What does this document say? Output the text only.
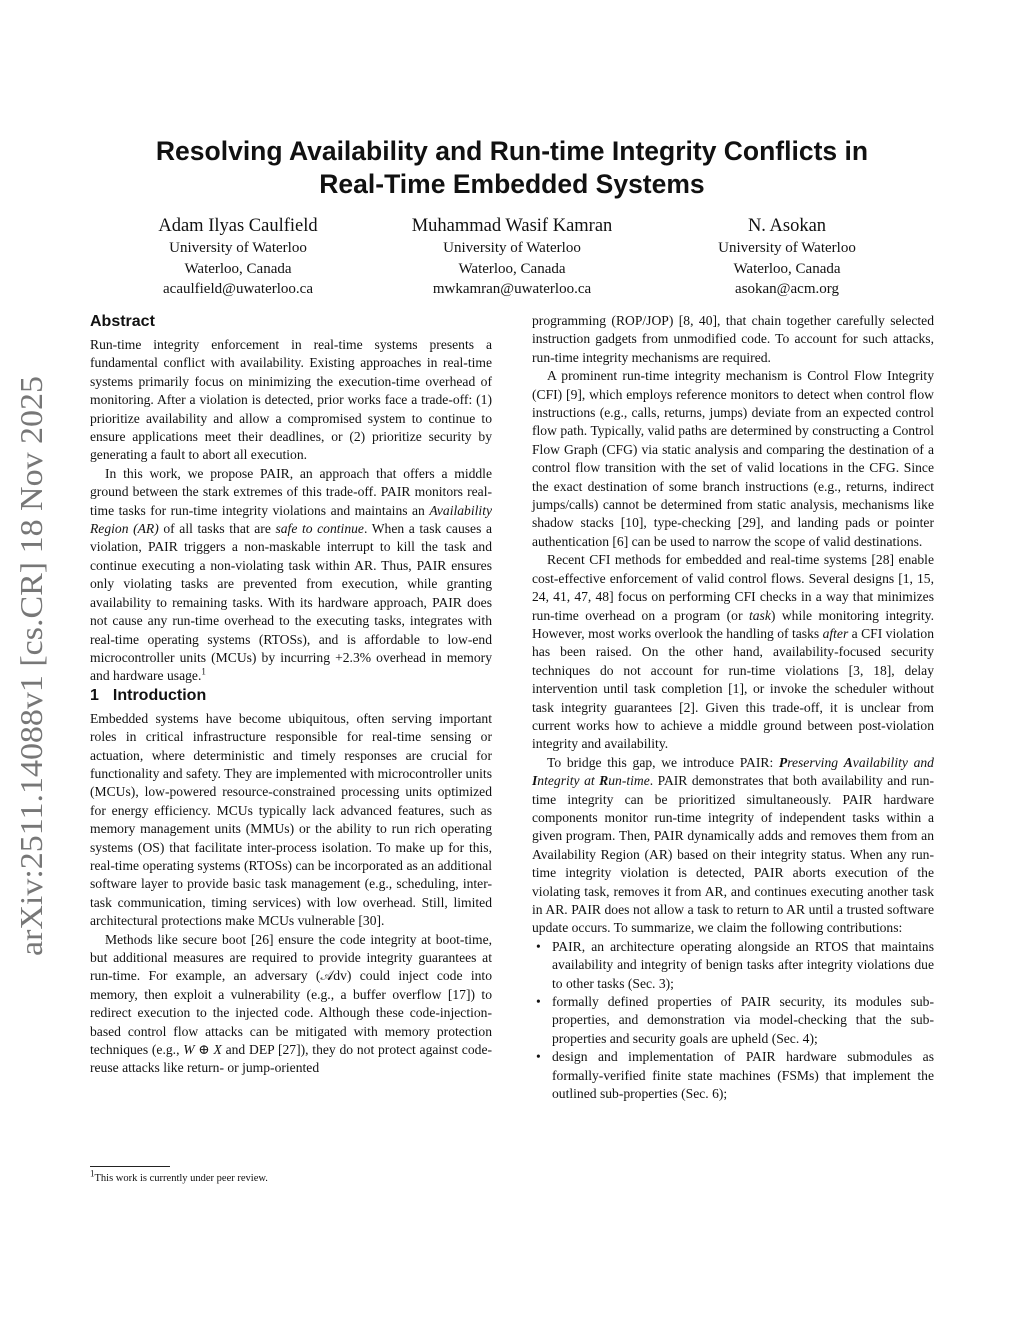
arXiv:2511.14088v1 [cs.CR] 18 Nov 2025
Resolving Availability and Run-time Integrity Conflicts in
Real-Time Embedded Systems
Adam Ilyas Caulfield
University of Waterloo
Waterloo, Canada
acaulfield@uwaterloo.ca
Muhammad Wasif Kamran
University of Waterloo
Waterloo, Canada
mwkamran@uwaterloo.ca
N. Asokan
University of Waterloo
Waterloo, Canada
asokan@acm.org
Abstract

Run-time integrity enforcement in real-time systems presents a fundamental conflict with availability. Existing approaches in real-time systems primarily focus on minimizing the execution-time overhead of monitoring. After a violation is detected, prior works face a trade-off: (1) prioritize availability and allow a compromised system to continue to ensure applications meet their deadlines, or (2) prioritize security by generating a fault to abort all execution.

In this work, we propose PAIR, an approach that offers a middle ground between the stark extremes of this trade-off. PAIR monitors real-time tasks for run-time integrity violations and maintains an Availability Region (AR) of all tasks that are safe to continue. When a task causes a violation, PAIR triggers a non-maskable interrupt to kill the task and continue executing a non-violating task within AR. Thus, PAIR ensures only violating tasks are prevented from execution, while granting availability to remaining tasks. With its hardware approach, PAIR does not cause any run-time overhead to the executing tasks, integrates with real-time operating systems (RTOSs), and is affordable to low-end microcontroller units (MCUs) by incurring +2.3% overhead in memory and hardware usage.$^1$

1 Introduction

Embedded systems have become ubiquitous, often serving important roles in critical infrastructure responsible for real-time sensing or actuation, where deterministic and timely responses are crucial for functionality and safety. They are implemented with microcontroller units (MCUs), low-powered resource-constrained processing units optimized for energy efficiency. MCUs typically lack advanced features, such as memory management units (MMUs) or the ability to run rich operating systems (OS) that facilitate inter-process isolation. To make up for this, real-time operating systems (RTOSs) can be incorporated as an additional software layer to provide basic task management (e.g., scheduling, inter-task communication, timing services) with low overhead. Still, limited architectural protections make MCUs vulnerable [30].

Methods like secure boot [26] ensure the code integrity at boot-time, but additional measures are required to provide integrity guarantees at run-time. For example, an adversary (𝒜dv) could inject code into memory, then exploit a vulnerability (e.g., a buffer overflow [17]) to redirect execution to the injected code. Although these code-injection-based control flow attacks can be mitigated with memory protection techniques (e.g., W ⊕ X and DEP [27]), they do not protect against code-reuse attacks like return- or jump-oriented

programming (ROP/JOP) [8, 40], that chain together carefully selected instruction gadgets from unmodified code. To account for such attacks, run-time integrity mechanisms are required.

A prominent run-time integrity mechanism is Control Flow Integrity (CFI) [9], which employs reference monitors to detect when control flow instructions (e.g., calls, returns, jumps) deviate from an expected control flow path. Typically, valid paths are determined by constructing a Control Flow Graph (CFG) via static analysis and comparing the destination of a control flow transition with the set of valid locations in the CFG. Since the exact destination of some branch instructions (e.g., returns, indirect jumps/calls) cannot be determined from static analysis, mechanisms like shadow stacks [10], type-checking [29], and landing pads or pointer authentication [6] can be used to narrow the scope of valid destinations.

Recent CFI methods for embedded and real-time systems [28] enable cost-effective enforcement of valid control flows. Several designs [1, 15, 24, 41, 47, 48] focus on performing CFI checks in a way that minimizes run-time overhead on a program (or task) while monitoring integrity. However, most works overlook the handling of tasks after a CFI violation has been raised. On the other hand, availability-focused security techniques do not account for run-time violations [3, 18], delay intervention until task completion [1], or invoke the scheduler without task integrity guarantees [2]. Given this trade-off, it is unclear from current works how to achieve a middle ground between post-violation integrity and availability.

To bridge this gap, we introduce PAIR: Preserving Availability and Integrity at Run-time. PAIR demonstrates that both availability and run-time integrity can be prioritized simultaneously. PAIR hardware components monitor run-time integrity of independent tasks within a given program. Then, PAIR dynamically adds and removes them from an Availability Region (AR) based on their integrity status. When any run-time integrity violation is detected, PAIR aborts execution of the violating task, removes it from AR, and continues executing another task in AR. PAIR does not allow a task to return to AR until a trusted software update occurs. To summarize, we claim the following contributions:

• PAIR, an architecture operating alongside an RTOS that maintains availability and integrity of benign tasks after integrity violations due to other tasks (Sec. 3);
• formally defined properties of PAIR security, its modules sub-properties, and demonstration via model-checking that the sub-properties and security goals are upheld (Sec. 4);
• design and implementation of PAIR hardware submodules as formally-verified finite state machines (FSMs) that implement the outlined sub-properties (Sec. 6);
$^1$This work is currently under peer review.
